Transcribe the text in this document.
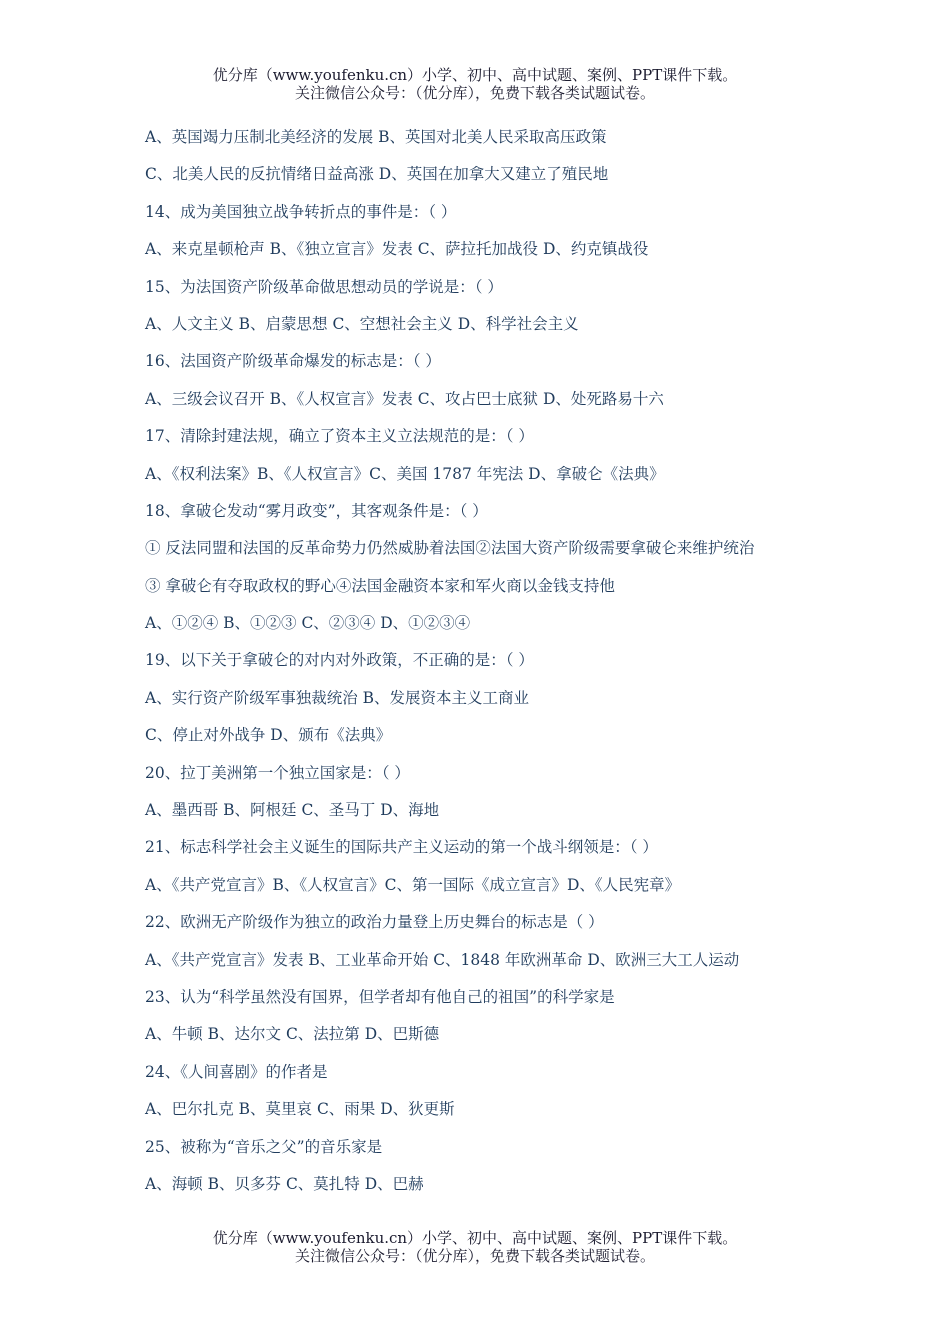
优分库（www.youfenku.cn）小学、初中、高中试题、案例、PPT课件下载。
关注微信公众号：（优分库），免费下载各类试题试卷。
A、英国竭力压制北美经济的发展 B、英国对北美人民采取高压政策
C、北美人民的反抗情绪日益高涨 D、英国在加拿大又建立了殖民地
14、成为美国独立战争转折点的事件是：（ ）
A、来克星顿枪声 B、《独立宣言》发表 C、萨拉托加战役 D、约克镇战役
15、为法国资产阶级革命做思想动员的学说是：（ ）
A、人文主义 B、启蒙思想 C、空想社会主义 D、科学社会主义
16、法国资产阶级革命爆发的标志是：（ ）
A、三级会议召开 B、《人权宣言》发表 C、攻占巴士底狱 D、处死路易十六
17、清除封建法规，确立了资本主义立法规范的是：（ ）
A、《权利法案》B、《人权宣言》C、美国 1787 年宪法 D、拿破仑《法典》
18、拿破仑发动“雾月政变”，其客观条件是：（ ）
① 反法同盟和法国的反革命势力仍然威胁着法国②法国大资产阶级需要拿破仑来维护统治
③ 拿破仑有夺取政权的野心④法国金融资本家和军火商以金钱支持他
A、①②④ B、①②③ C、②③④ D、①②③④
19、以下关于拿破仑的对内对外政策，不正确的是：（ ）
A、实行资产阶级军事独裁统治 B、发展资本主义工商业
C、停止对外战争 D、颁布《法典》
20、拉丁美洲第一个独立国家是：（ ）
A、墨西哥 B、阿根廷 C、圣马丁 D、海地
21、标志科学社会主义诞生的国际共产主义运动的第一个战斗纲领是：（ ）
A、《共产党宣言》B、《人权宣言》C、第一国际《成立宣言》D、《人民宪章》
22、欧洲无产阶级作为独立的政治力量登上历史舞台的标志是（ ）
A、《共产党宣言》发表 B、工业革命开始 C、1848 年欧洲革命 D、欧洲三大工人运动
23、认为“科学虽然没有国界，但学者却有他自己的祖国”的科学家是
A、牛顿 B、达尔文 C、法拉第 D、巴斯德
24、《人间喜剧》的作者是
A、巴尔扎克 B、莫里哀 C、雨果 D、狄更斯
25、被称为“音乐之父”的音乐家是
A、海顿 B、贝多芬 C、莫扎特 D、巴赫
优分库（www.youfenku.cn）小学、初中、高中试题、案例、PPT课件下载。
关注微信公众号：（优分库），免费下载各类试题试卷。
